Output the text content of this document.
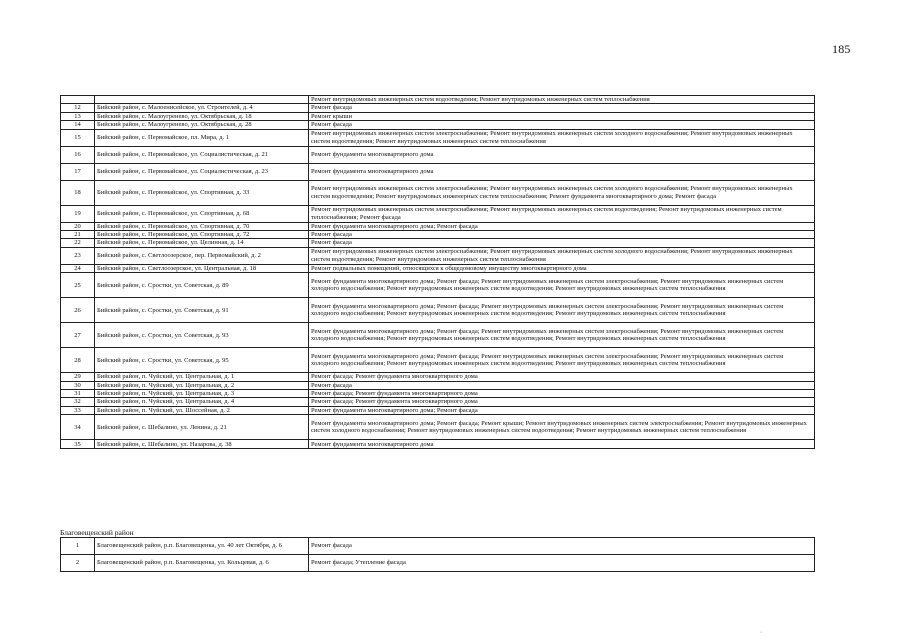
185
		Ремонт внутридомовых инженерных систем водоотведения; Ремонт внутридомовых инженерных систем теплоснабжения
12	Бийский район, с. Малоенисейское, ул. Строителей, д. 4	Ремонт фасада
13	Бийский район, с. Малоугренево, ул. Октябрьская, д. 18	Ремонт крыши
14	Бийский район, с. Малоугренево, ул. Октябрьская, д. 28	Ремонт фасада
15	Бийский район, с. Первомайское, пл. Мира, д. 1	Ремонт внутридомовых инженерных систем электроснабжения; Ремонт внутридомовых инженерных систем холодного водоснабжения; Ремонт внутридомовых инженерных систем водоотведения; Ремонт внутридомовых инженерных систем теплоснабжения
16	Бийский район, с. Первомайское, ул. Социалистическая, д. 21	Ремонт фундамента многоквартирного дома
17	Бийский район, с. Первомайское, ул. Социалистическая, д. 23	Ремонт фундамента многоквартирного дома
18	Бийский район, с. Первомайское, ул. Спортивная, д. 33	Ремонт внутридомовых инженерных систем электроснабжения; Ремонт внутридомовых инженерных систем холодного водоснабжения; Ремонт внутридомовых инженерных систем водоотведения; Ремонт внутридомовых инженерных систем теплоснабжения; Ремонт фундамента многоквартирного дома; Ремонт фасада
19	Бийский район, с. Первомайское, ул. Спортивная, д. 68	Ремонт внутридомовых инженерных систем электроснабжения; Ремонт внутридомовых инженерных систем водоотведения; Ремонт внутридомовых инженерных систем теплоснабжения; Ремонт фасада
20	Бийский район, с. Первомайское, ул. Спортивная, д. 70	Ремонт фундамента многоквартирного дома; Ремонт фасада
21	Бийский район, с. Первомайское, ул. Спортивная, д. 72	Ремонт фасада
22	Бийский район, с. Первомайское, ул. Целинная, д. 14	Ремонт фасада
23	Бийский район, с. Светлоозерское, пер. Первомайский, д. 2	Ремонт внутридомовых инженерных систем электроснабжения; Ремонт внутридомовых инженерных систем холодного водоснабжения; Ремонт внутридомовых инженерных систем водоотведения; Ремонт внутридомовых инженерных систем теплоснабжения
24	Бийский район, с. Светлоозерское, ул. Центральная, д. 18	Ремонт подвальных помещений, относящихся к общедомовому имуществу многоквартирного дома
25	Бийский район, с. Сростки, ул. Советская, д. 89	Ремонт фундамента многоквартирного дома; Ремонт фасада; Ремонт внутридомовых инженерных систем электроснабжения; Ремонт внутридомовых инженерных систем холодного водоснабжения; Ремонт внутридомовых инженерных систем водоотведения; Ремонт внутридомовых инженерных систем теплоснабжения
26	Бийский район, с. Сростки, ул. Советская, д. 91	Ремонт фундамента многоквартирного дома; Ремонт фасада; Ремонт внутридомовых инженерных систем электроснабжения; Ремонт внутридомовых инженерных систем холодного водоснабжения; Ремонт внутридомовых инженерных систем водоотведения; Ремонт внутридомовых инженерных систем теплоснабжения
27	Бийский район, с. Сростки, ул. Советская, д. 93	Ремонт фундамента многоквартирного дома; Ремонт фасада; Ремонт внутридомовых инженерных систем электроснабжения; Ремонт внутридомовых инженерных систем холодного водоснабжения; Ремонт внутридомовых инженерных систем водоотведения; Ремонт внутридомовых инженерных систем теплоснабжения
28	Бийский район, с. Сростки, ул. Советская, д. 95	Ремонт фундамента многоквартирного дома; Ремонт фасада; Ремонт внутридомовых инженерных систем электроснабжения; Ремонт внутридомовых инженерных систем холодного водоснабжения; Ремонт внутридомовых инженерных систем водоотведения; Ремонт внутридомовых инженерных систем теплоснабжения
29	Бийский район, п. Чуйский, ул. Центральная, д. 1	Ремонт фасада; Ремонт фундамента многоквартирного дома
30	Бийский район, п. Чуйский, ул. Центральная, д. 2	Ремонт фасада
31	Бийский район, п. Чуйский, ул. Центральная, д. 3	Ремонт фасада; Ремонт фундамента многоквартирного дома
32	Бийский район, п. Чуйский, ул. Центральная, д. 4	Ремонт фасада; Ремонт фундамента многоквартирного дома
33	Бийский район, п. Чуйский, ул. Шоссейная, д. 2	Ремонт фундамента многоквартирного дома; Ремонт фасада
34	Бийский район, с. Шебалино, ул. Ленина, д. 21	Ремонт фундамента многоквартирного дома; Ремонт фасада; Ремонт крыши; Ремонт внутридомовых инженерных систем электроснабжения; Ремонт внутридомовых инженерных систем холодного водоснабжения; Ремонт внутридомовых инженерных систем водоотведения; Ремонт внутридомовых инженерных систем теплоснабжения
35	Бийский район, с. Шебалино, ул. Назарова, д. 38	Ремонт фундамента многоквартирного дома
Благовещенский район
1	Благовещенский район, р.п. Благовещенка, ул. 40 лет Октября, д. 6	Ремонт фасада
2	Благовещенский район, р.п. Благовещенка, ул. Кольцевая, д. 6	Ремонт фасада; Утепление фасада
·
